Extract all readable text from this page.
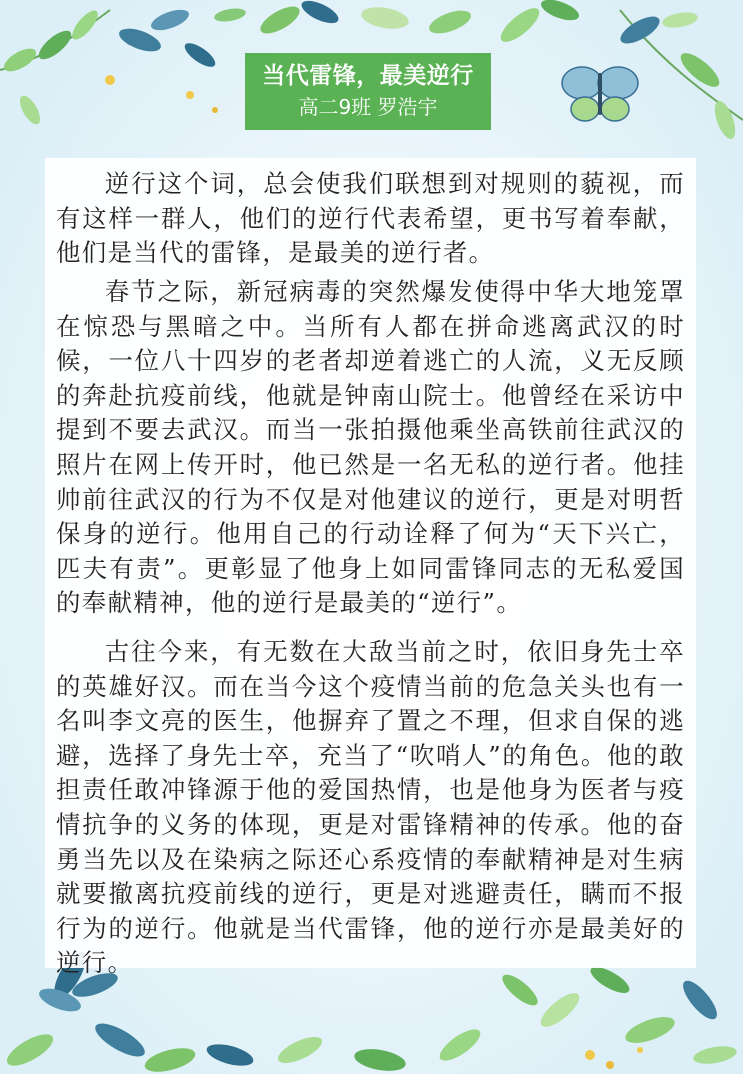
当代雷锋，最美逆行
高二9班 罗浩宇

逆行这个词，总会使我们联想到对规则的藐视，而有这样一群人，他们的逆行代表希望，更书写着奉献，他们是当代的雷锋，是最美的逆行者。

春节之际，新冠病毒的突然爆发使得中华大地笼罩在惊恐与黑暗之中。当所有人都在拼命逃离武汉的时候，一位八十四岁的老者却逆着逃亡的人流，义无反顾的奔赴抗疫前线，他就是钟南山院士。他曾经在采访中提到不要去武汉。而当一张拍摄他乘坐高铁前往武汉的照片在网上传开时，他已然是一名无私的逆行者。他挂帅前往武汉的行为不仅是对他建议的逆行，更是对明哲保身的逆行。他用自己的行动诠释了何为“天下兴亡，匹夫有责”。更彰显了他身上如同雷锋同志的无私爱国的奉献精神，他的逆行是最美的“逆行”。

古往今来，有无数在大敌当前之时，依旧身先士卒的英雄好汉。而在当今这个疫情当前的危急关头也有一名叫李文亮的医生，他摒弃了置之不理，但求自保的逃避，选择了身先士卒，充当了“吹哨人”的角色。他的敢担责任敢冲锋源于他的爱国热情，也是他身为医者与疫情抗争的义务的体现，更是对雷锋精神的传承。他的奋勇当先以及在染病之际还心系疫情的奉献精神是对生病就要撤离抗疫前线的逆行，更是对逃避责任，瞒而不报行为的逆行。他就是当代雷锋，他的逆行亦是最美好的逆行。
